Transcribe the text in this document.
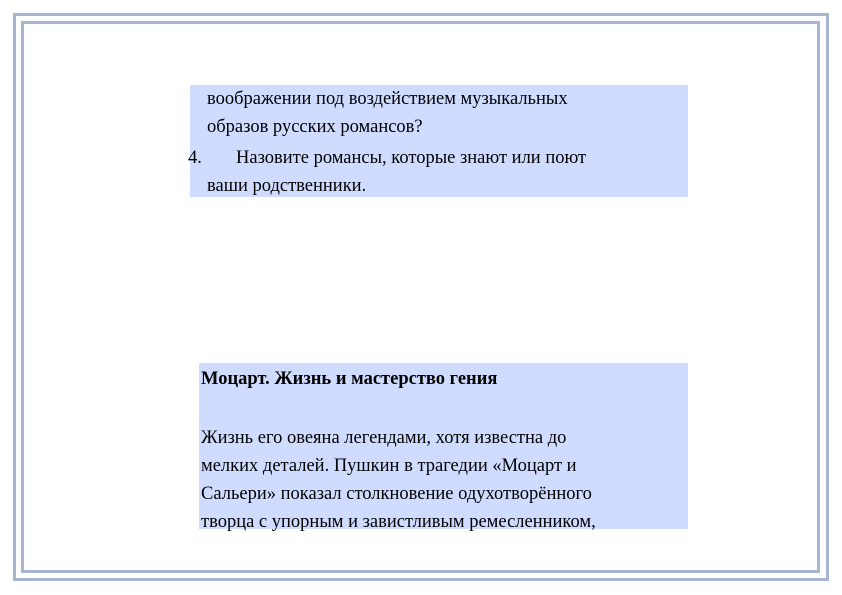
воображении под воздействием музыкальных
образов русских романсов?
4.	Назовите романсы, которые знают или поют
ваши родственники.
Моцарт. Жизнь и мастерство гения
Жизнь его овеяна легендами, хотя известна до
мелких деталей. Пушкин в трагедии «Моцарт и
Сальери» показал столкновение одухотворённого
творца с упорным и завистливым ремесленником,
